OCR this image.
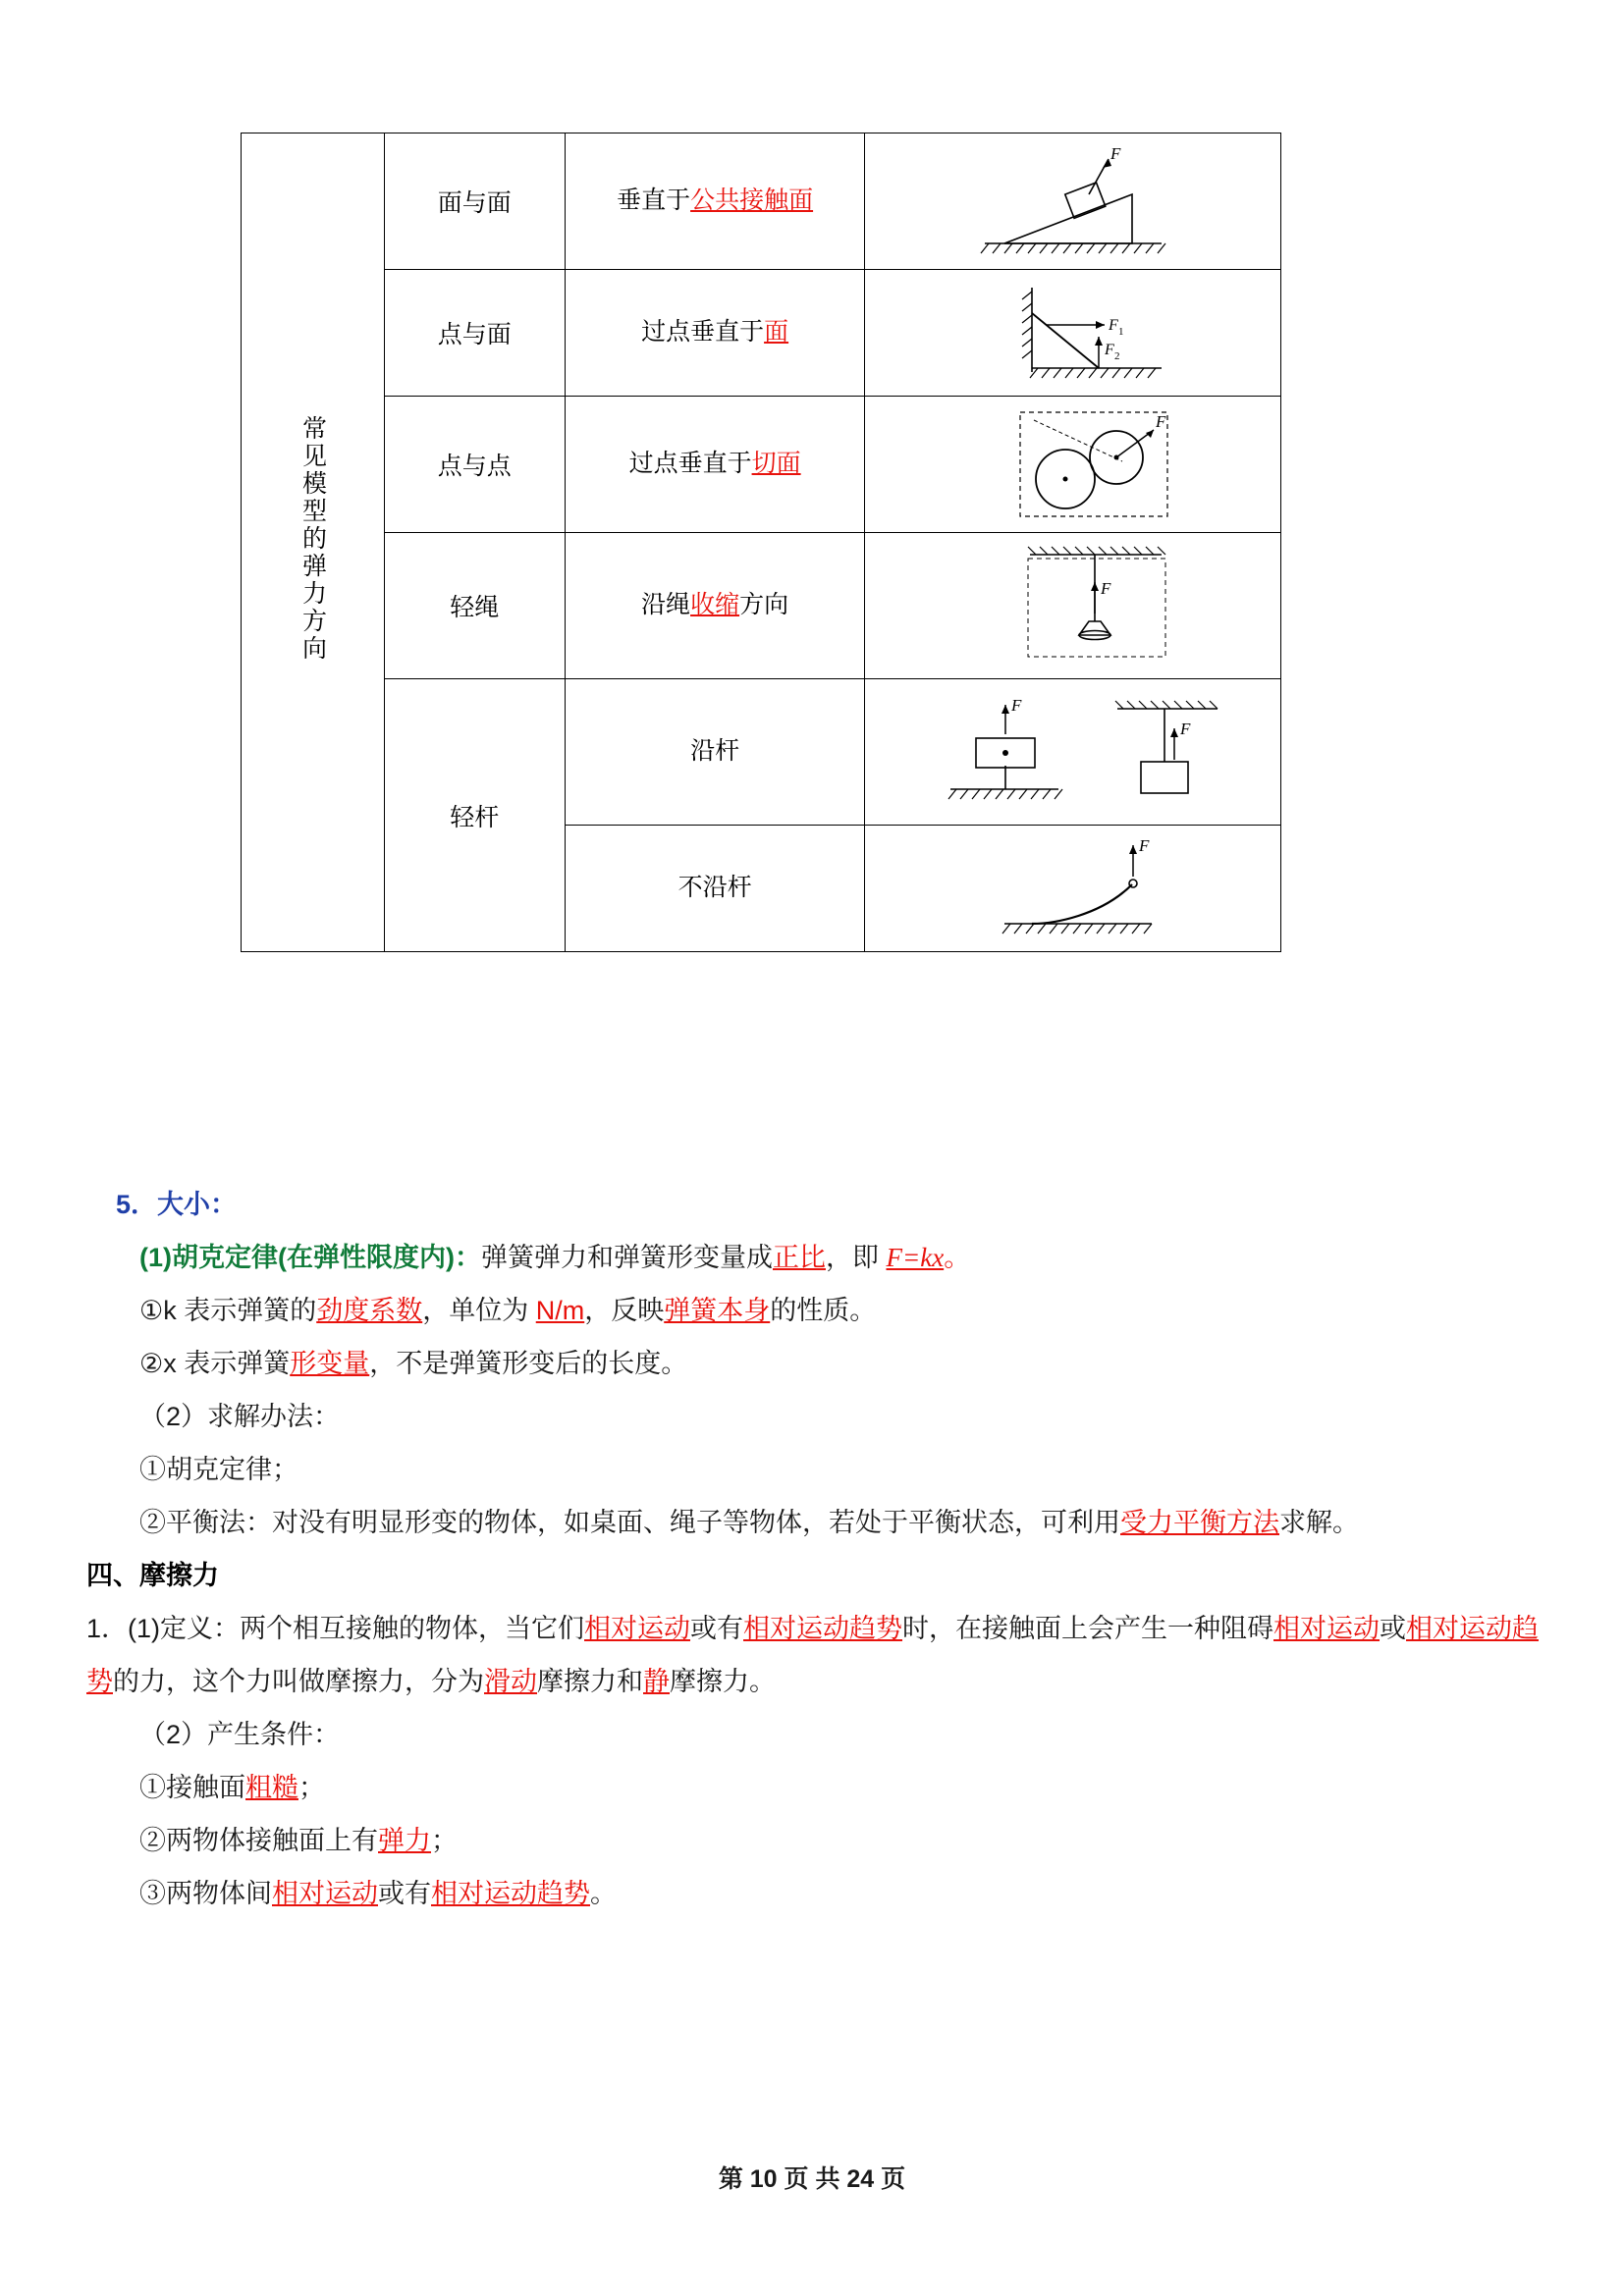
常见模型的弹力方向	面与面	垂直于公共接触面	F

	点与面	过点垂直于面	F 1
F 2

	点与点	过点垂直于切面	F

	轻绳	沿绳收缩方向	F

	轻杆	沿杆	F
F

		不沿杆	F

5．大小：

(1)胡克定律(在弹性限度内)：弹簧弹力和弹簧形变量成正比，即 F=kx。

①k 表示弹簧的劲度系数，单位为 N/m，反映弹簧本身的性质。

②x 表示弹簧形变量，不是弹簧形变后的长度。

（2）求解办法：

①胡克定律；

②平衡法：对没有明显形变的物体，如桌面、绳子等物体，若处于平衡状态，可利用受力平衡方法求解。

四、摩擦力

1．(1)定义：两个相互接触的物体，当它们相对运动或有相对运动趋势时，在接触面上会产生一种阻碍相对运动或相对运动趋势的力，这个力叫做摩擦力，分为滑动摩擦力和静摩擦力。

（2）产生条件：

①接触面粗糙；

②两物体接触面上有弹力；

③两物体间相对运动或有相对运动趋势。

第 10 页 共 24 页
